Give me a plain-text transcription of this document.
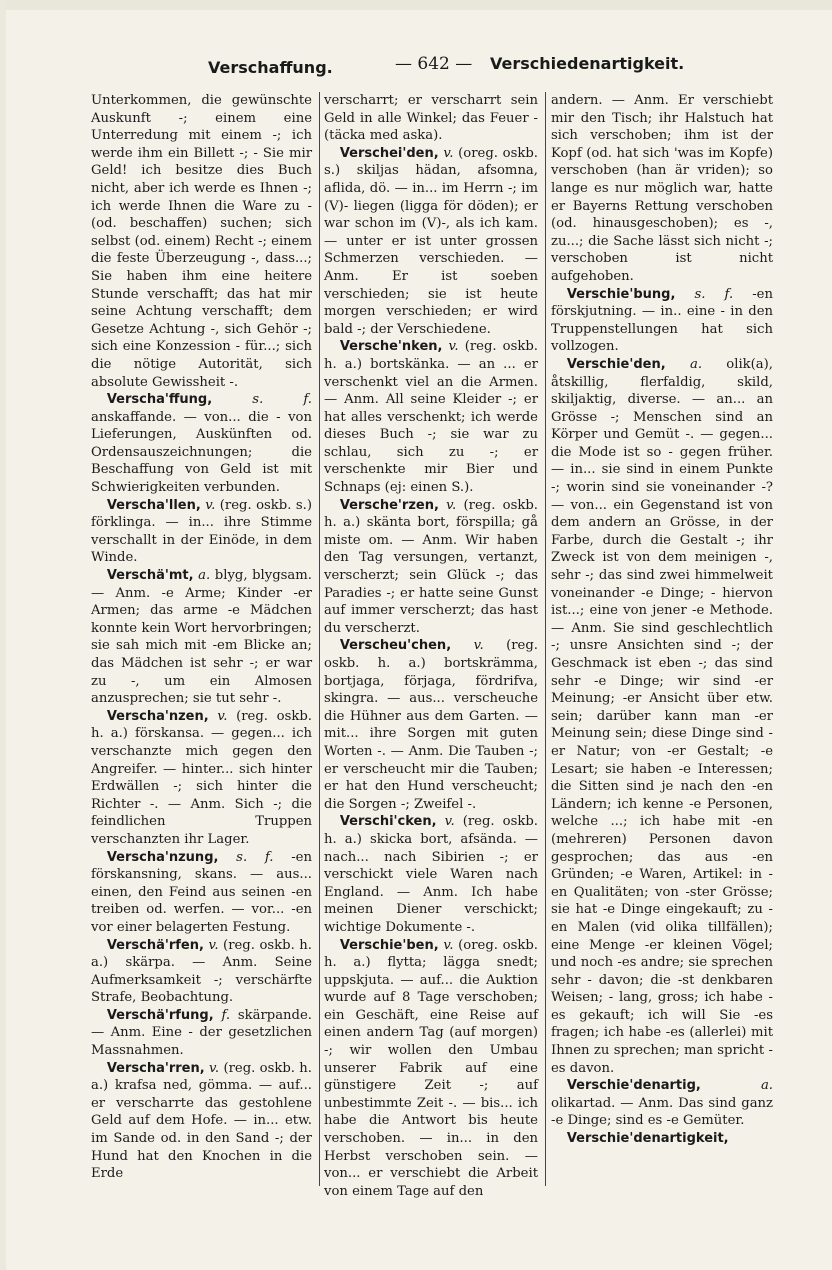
Verschaffung.	— 642 — Verschiedenartigkeit.

Unterkommen, die gewünschte Auskunft -; einem eine Unterredung mit einem -; ich werde ihm ein Billett -; - Sie mir Geld! ich besitze dies Buch nicht, aber ich werde es Ihnen -; ich werde Ihnen die Ware zu - (od. beschaffen) suchen; sich selbst (od. einem) Recht -; einem die feste Überzeugung -, dass...; Sie haben ihm eine heitere Stunde verschafft; das hat mir seine Achtung verschafft; dem Gesetze Achtung -, sich Gehör -; sich eine Konzession - für...; sich die nötige Autorität, sich absolute Gewissheit -.

Verscha'ffung,	s. f. anskaffande. — von... die - von Lieferungen, Auskünften od. Ordensauszeichnungen; die Beschaffung von Geld ist mit Schwierigkeiten verbunden.

Verscha'llen, v. (reg. oskb. s.) förklinga. — in... ihre Stimme verschallt in der Einöde, in dem Winde.

Verschä'mt, a. blyg, blygsam. — Anm. -e Arme; Kinder -er Armen; das arme -e Mädchen konnte kein Wort hervorbringen; sie sah mich mit -em Blicke an; das Mädchen ist sehr -; er war zu -, um ein Almosen anzusprechen; sie tut sehr -.

Verscha'nzen, v. (reg. oskb. h. a.) förskansa. — gegen... ich verschanzte mich gegen den Angreifer. — hinter... sich hinter Erdwällen -; sich hinter die Richter -. — Anm. Sich -; die feindlichen Truppen verschanzten ihr Lager.

Verscha'nzung, s. f. -en förskansning, skans. — aus... einen, den Feind aus seinen -en treiben od. werfen. — vor... -en vor einer belagerten Festung.

Verschä'rfen, v. (reg. oskb. h. a.) skärpa. — Anm. Seine Aufmerksamkeit -; verschärfte Strafe, Beobachtung.

Verschä'rfung, f. skärpande. — Anm. Eine - der gesetzlichen Massnahmen.

Verscha'rren, v. (reg. oskb. h. a.) krafsa ned, gömma. — auf... er verscharrte das gestohlene Geld auf dem Hofe. — in... etw. im Sande od. in den Sand -; der Hund hat den Knochen in die Erde

verscharrt; er verscharrt sein Geld in alle Winkel; das Feuer - (täcka med aska).

Verschei'den, v. (oreg. oskb. s.) skiljas hädan, afsomna, aflida, dö. — in... im Herrn -; im (V)- liegen (ligga för döden); er war schon im (V)-, als ich kam. — unter er ist unter grossen Schmerzen verschieden. — Anm. Er ist soeben verschieden; sie ist heute morgen verschieden; er wird bald -; der Verschiedene.

Versche'nken, v. (reg. oskb. h. a.) bortskänka. — an ... er verschenkt viel an die Armen. — Anm. All seine Kleider -; er hat alles verschenkt; ich werde dieses Buch -; sie war zu schlau, sich zu -; er verschenkte mir Bier und Schnaps (ej: einen S.).

Versche'rzen, v. (reg. oskb. h. a.) skänta bort, förspilla; gå miste om. — Anm. Wir haben den Tag versungen, vertanzt, verscherzt; sein Glück -; das Paradies -; er hatte seine Gunst auf immer verscherzt; das hast du verscherzt.

Verscheu'chen, v. (reg. oskb. h. a.) bortskrämma, bortjaga, förjaga, fördrifva, skingra. — aus... verscheuche die Hühner aus dem Garten. — mit... ihre Sorgen mit guten Worten -. — Anm. Die Tauben -; er verscheucht mir die Tauben; er hat den Hund verscheucht; die Sorgen -; Zweifel -.

Verschi'cken, v. (reg. oskb. h. a.) skicka bort, afsända. — nach... nach Sibirien -; er verschickt viele Waren nach England. — Anm. Ich habe meinen Diener verschickt; wichtige Dokumente -.

Verschie'ben, v. (oreg. oskb. h. a.) flytta; lägga snedt; uppskjuta. — auf... die Auktion wurde auf 8 Tage verschoben; ein Geschäft, eine Reise auf einen andern Tag (auf morgen) -; wir wollen den Umbau unserer Fabrik auf eine günstigere Zeit -; auf unbestimmte Zeit -. — bis... ich habe die Antwort bis heute verschoben. — in... in den Herbst verschoben sein. — von... er verschiebt die Arbeit von einem Tage auf den

andern. — Anm. Er verschiebt mir den Tisch; ihr Halstuch hat sich verschoben; ihm ist der Kopf (od. hat sich 'was im Kopfe) verschoben (han är vriden); so lange es nur möglich war, hatte er Bayerns Rettung verschoben (od. hinausgeschoben); es -, zu...; die Sache lässt sich nicht -; verschoben ist nicht aufgehoben.

Verschie'bung, s. f. -en förskjutning. — in.. eine - in den Truppenstellungen hat sich vollzogen.

Verschie'den, a. olik(a), åtskillig, flerfaldig, skild, skiljaktig, diverse. — an... an Grösse -; Menschen sind an Körper und Gemüt -. — gegen... die Mode ist so - gegen früher. — in... sie sind in einem Punkte -; worin sind sie voneinander -? — von... ein Gegenstand ist von dem andern an Grösse, in der Farbe, durch die Gestalt -; ihr Zweck ist von dem meinigen -, sehr -; das sind zwei himmelweit voneinander -e Dinge; - hiervon ist...; eine von jener -e Methode. — Anm. Sie sind geschlechtlich -; unsre Ansichten sind -; der Geschmack ist eben -; das sind sehr -e Dinge; wir sind -er Meinung; -er Ansicht über etw. sein; darüber kann man -er Meinung sein; diese Dinge sind -er Natur; von -er Gestalt; -e Lesart; sie haben -e Interessen; die Sitten sind je nach den -en Ländern; ich kenne -e Personen, welche ...; ich habe mit -en (mehreren) Personen davon gesprochen; das aus -en Gründen; -e Waren, Artikel: in -en Qualitäten; von -ster Grösse; sie hat -e Dinge eingekauft; zu -en Malen (vid olika tillfällen); eine Menge -er kleinen Vögel; und noch -es andre; sie sprechen sehr - davon; die -st denkbaren Weisen; - lang, gross; ich habe -es gekauft; ich will Sie -es fragen; ich habe -es (allerlei) mit Ihnen zu sprechen; man spricht -es davon.

Verschie'denartig,	a. olikartad. — Anm. Das sind ganz -e Dinge; sind es -e Gemüter.

Verschie'denartigkeit,
